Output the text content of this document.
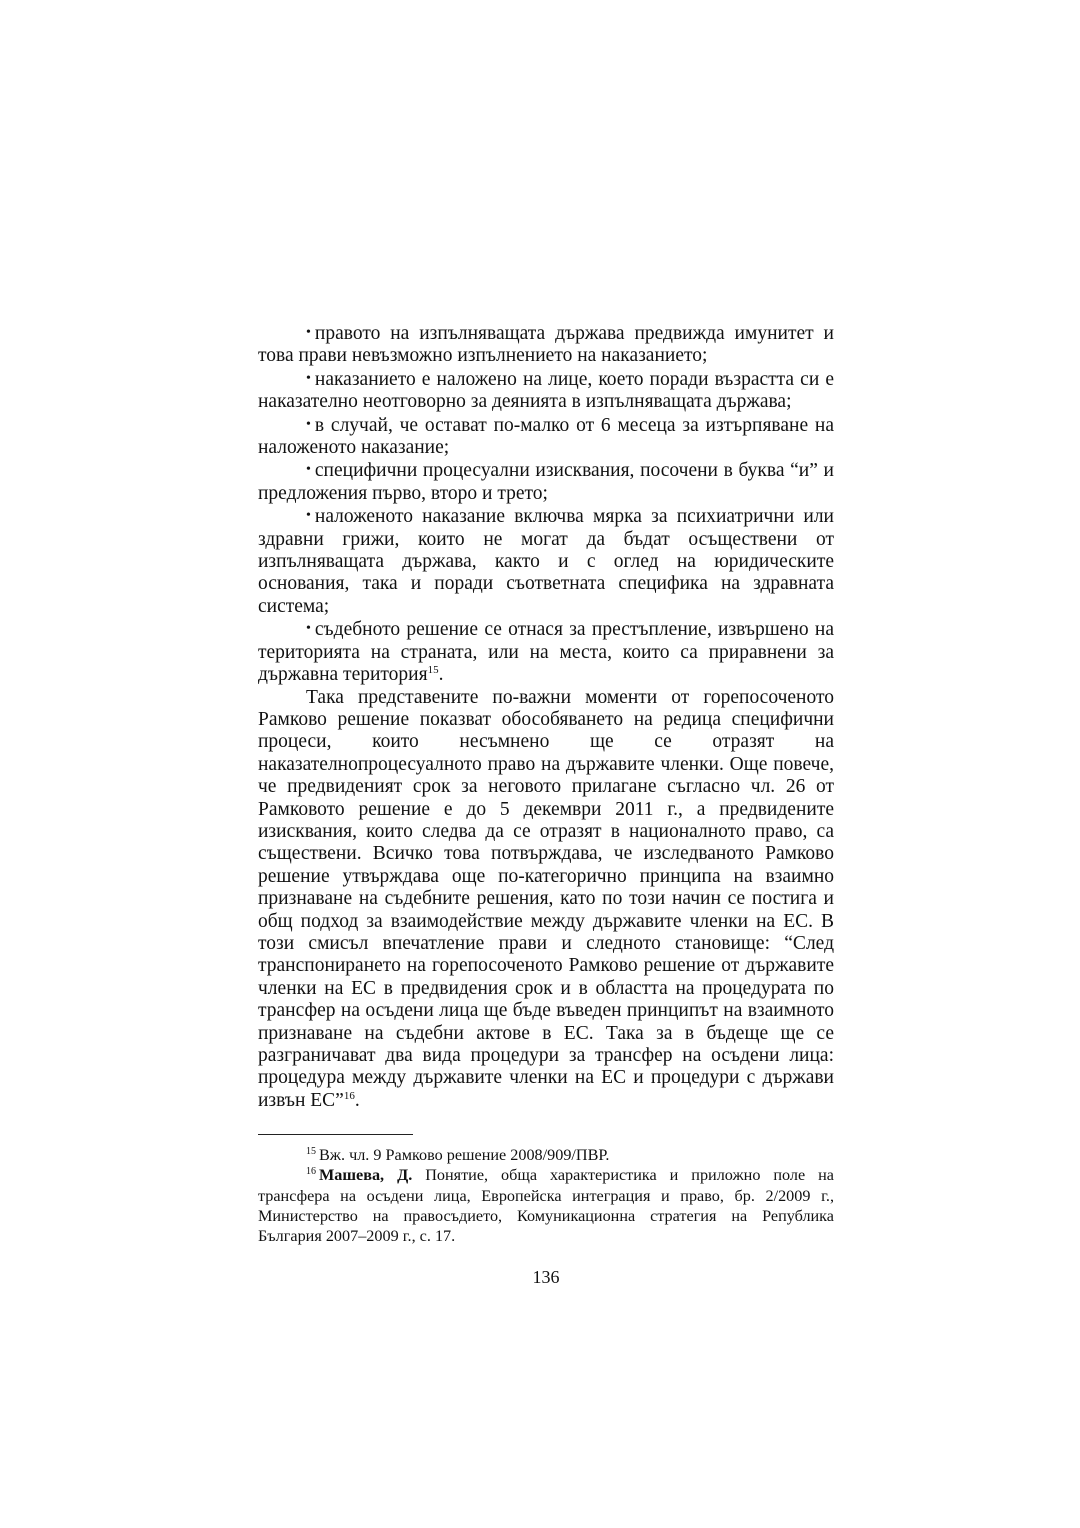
• правото на изпълняващата държава предвижда имунитет и това прави невъзможно изпълнението на наказанието;

• наказанието е наложено на лице, което поради възрастта си е наказателно неотговорно за деянията в изпълняващата държава;

• в случай, че остават по-малко от 6 месеца за изтърпяване на наложеното наказание;

• специфични процесуални изисквания, посочени в буква “и” и предложения първо, второ и трето;

• наложеното наказание включва мярка за психиатрични или здравни грижи, които не могат да бъдат осъществени от изпълняващата държава, както и с оглед на юридическите основания, така и поради съответната специфика на здравната система;

• съдебното решение се отнася за престъпление, извършено на територията на страната, или на места, които са приравнени за държавна територия$^{15}$.

Така представените по-важни моменти от горепосоченото Рамково решение показват обособяването на редица специфични процеси, които несъмнено ще се отразят на наказателнопроцесуалното право на държавите членки. Още повече, че предвиденият срок за неговото прилагане съгласно чл. 26 от Рамковото решение е до 5 декември 2011 г., а предвидените изисквания, които следва да се отразят в националното право, са съществени. Всичко това потвърждава, че изследваното Рамково решение утвърждава още по-категорично принципа на взаимно признаване на съдебните решения, като по този начин се постига и общ подход за взаимодействие между държавите членки на ЕС. В този смисъл впечатление прави и следното становище: “След транспонирането на горепосоченото Рамково решение от държавите членки на ЕС в предвидения срок и в областта на процедурата по трансфер на осъдени лица ще бъде въведен принципът на взаимното признаване на съдебни актове в ЕС. Така за в бъдеще ще се разграничават два вида процедури за трансфер на осъдени лица: процедура между държавите членки на ЕС и процедури с държави извън ЕС”$^{16}$.

$^{15}$ Вж. чл. 9 Рамково решение 2008/909/ПВР.

$^{16}$ Машева, Д. Понятие, обща характеристика и приложно поле на трансфера на осъдени лица, Европейска интеграция и право, бр. 2/2009 г., Министерство на правосъдието, Комуникационна стратегия на Република България 2007–2009 г., с. 17.

136
